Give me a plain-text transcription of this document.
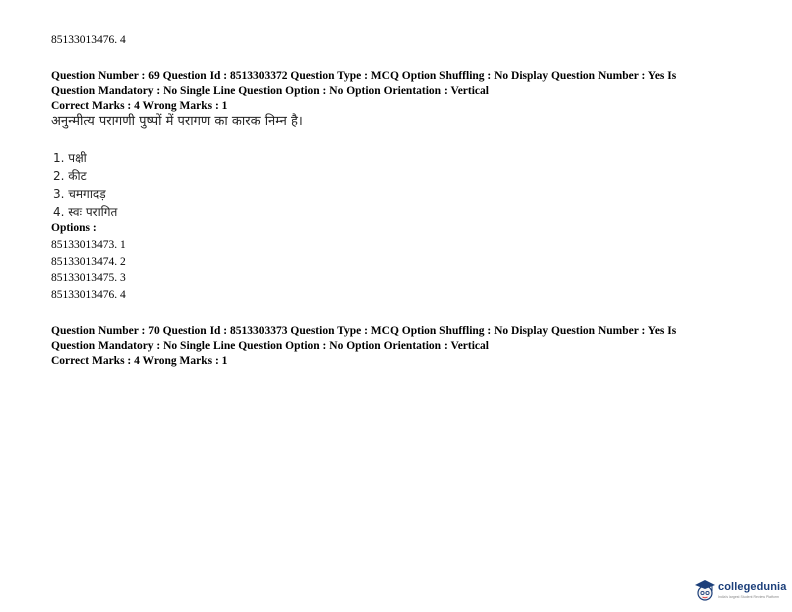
85133013476. 4
Question Number : 69 Question Id : 8513303372 Question Type : MCQ Option Shuffling : No Display Question Number : Yes Is
Question Mandatory : No Single Line Question Option : No Option Orientation : Vertical
Correct Marks : 4 Wrong Marks : 1
अनुन्मीत्य परागणी पुष्पों में परागण का कारक निम्न है।
1. पक्षी
2. कीट
3. चमगादड़
4. स्वः परागित
Options :
85133013473. 1
85133013474. 2
85133013475. 3
85133013476. 4
Question Number : 70 Question Id : 8513303373 Question Type : MCQ Option Shuffling : No Display Question Number : Yes Is
Question Mandatory : No Single Line Question Option : No Option Orientation : Vertical
Correct Marks : 4 Wrong Marks : 1
collegedunia
India's largest Student Review Platform
